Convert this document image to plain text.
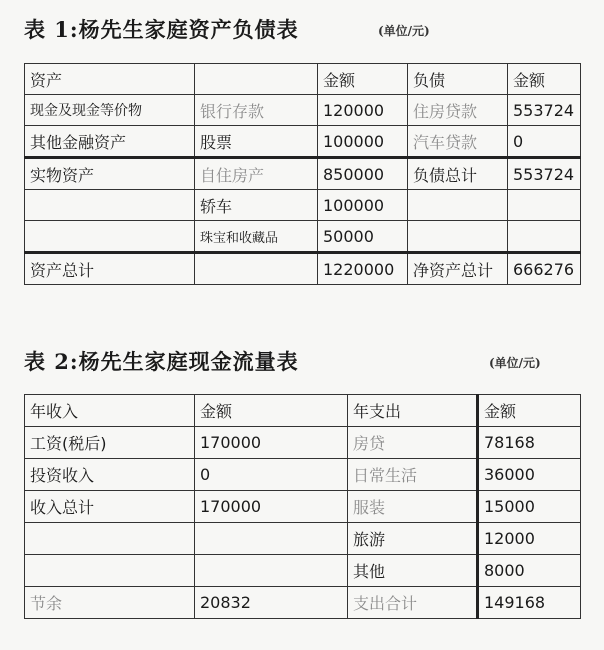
表 1:杨先生家庭资产负债表	(单位/元)
资产		金额	负债	金额
现金及现金等价物	银行存款	120000	住房贷款	553724
其他金融资产	股票	100000	汽车贷款	0
实物资产	自住房产	850000	负债总计	553724
	轿车	100000		
	珠宝和收藏品	50000		
资产总计		1220000	净资产总计	666276
表 2:杨先生家庭现金流量表	(单位/元)
年收入	金额	年支出	金额
工资(税后)	170000	房贷	78168
投资收入	0	日常生活	36000
收入总计	170000	服装	15000
		旅游	12000
		其他	8000
节余	20832	支出合计	149168
